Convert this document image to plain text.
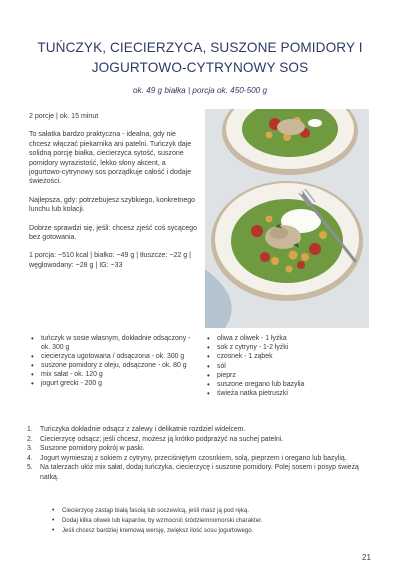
TUŃCZYK, CIECIERZYCA, SUSZONE POMIDORY I
JOGURTOWO-CYTRYNOWY SOS
ok. 49 g białka | porcja ok. 450-500 g

2 porcje | ok. 15 minut

To sałatka bardzo praktyczna - idealna, gdy nie chcesz włączać piekarnika ani patelni. Tuńczyk daje solidną porcję białka, ciecierzyca sytość, suszone pomidory wyrazistość, lekko słony akcent, a jogurtowo-cytrynowy sos porządkuje całość i dodaje świeżości.

Najlepsza, gdy: potrzebujesz szybkiego, konkretnego lunchu lub kolacji.

Dobrze sprawdzi się, jeśli: chcesz zjeść coś sycącego bez gotowania.

1 porcja: ~510 kcal | białko: ~49 g | tłuszcze: ~22 g | węglowodany: ~28 g | IG: ~33

• tuńczyk w sosie własnym, dokładnie odsączony - ok. 300 g
• ciecierzyca ugotowana / odsączona - ok. 300 g
• suszone pomidory z oleju, odsączone - ok. 80 g
• mix sałat - ok. 120 g
• jogurt grecki - 200 g
• oliwa z oliwek - 1 łyżka
• sok z cytryny - 1-2 łyżki
• czosnek - 1 ząbek
• sól
• pieprz
• suszone oregano lub bazylia
• świeża natka pietruszki
1. Tuńczyka dokładnie odsącz z zalewy i delikatnie rozdziel widelcem.
2. Ciecierzycę odsącz; jeśli chcesz, możesz ją krótko podprażyć na suchej patelni.
3. Suszone pomidory pokrój w paski.
4. Jogurt wymieszaj z sokiem z cytryny, przeciśniętym czosnkiem, solą, pieprzem i oregano lub bazylią.
5. Na talerzach ułóż mix sałat, dodaj tuńczyka, ciecierzycę i suszone pomidory. Polej sosem i posyp świeżą natką.
• Ciecierzycę zastąp białą fasolą lub soczewicą, jeśli masz ją pod ręką.
• Dodaj kilka oliwek lub kaparów, by wzmocnić śródziemnomorski charakter.
• Jeśli chcesz bardziej kremową wersję, zwiększ ilość sosu jogurtowego.
21
